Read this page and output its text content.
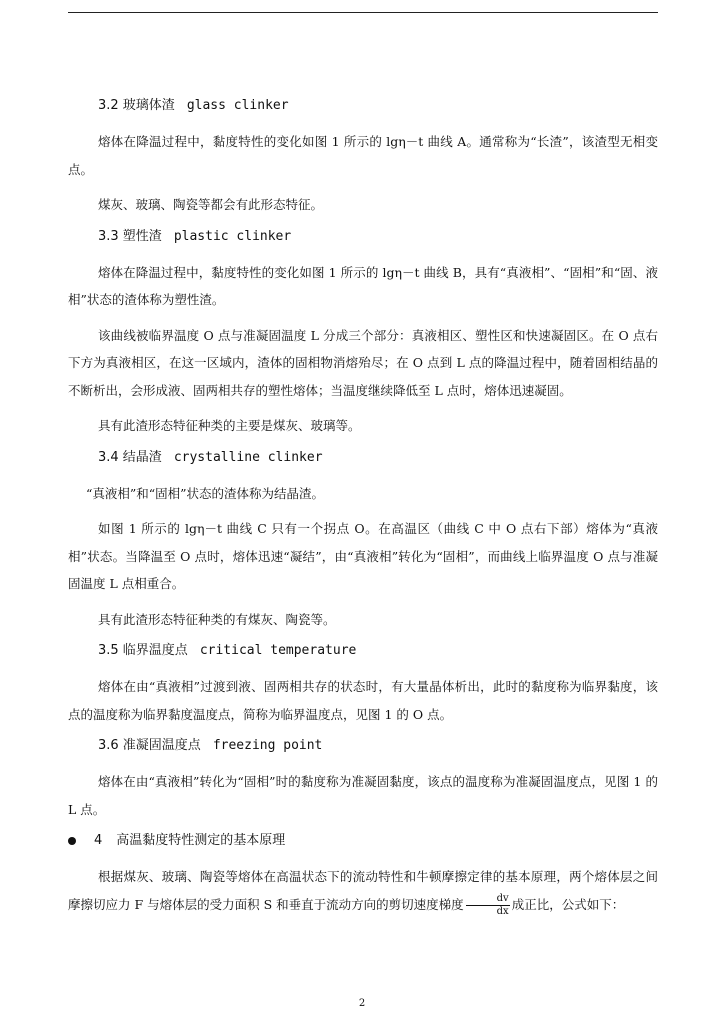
3.2 玻璃体渣 glass clinker

熔体在降温过程中，黏度特性的变化如图 1 所示的 lgη－t 曲线 A。通常称为“长渣”，该渣型无相变点。

煤灰、玻璃、陶瓷等都会有此形态特征。

3.3 塑性渣 plastic clinker

熔体在降温过程中，黏度特性的变化如图 1 所示的 lgη－t 曲线 B，具有“真液相”、“固相”和“固、液相”状态的渣体称为塑性渣。

该曲线被临界温度 O 点与准凝固温度 L 分成三个部分：真液相区、塑性区和快速凝固区。在 O 点右下方为真液相区，在这一区域内，渣体的固相物消熔殆尽；在 O 点到 L 点的降温过程中，随着固相结晶的不断析出，会形成液、固两相共存的塑性熔体；当温度继续降低至 L 点时，熔体迅速凝固。

具有此渣形态特征种类的主要是煤灰、玻璃等。

3.4 结晶渣 crystalline clinker

“真液相”和“固相”状态的渣体称为结晶渣。

如图 1 所示的 lgη－t 曲线 C 只有一个拐点 O。在高温区（曲线 C 中 O 点右下部）熔体为“真液相”状态。当降温至 O 点时，熔体迅速“凝结”，由“真液相”转化为“固相”，而曲线上临界温度 O 点与准凝固温度 L 点相重合。

具有此渣形态特征种类的有煤灰、陶瓷等。

3.5 临界温度点 critical temperature

熔体在由“真液相”过渡到液、固两相共存的状态时，有大量晶体析出，此时的黏度称为临界黏度，该点的温度称为临界黏度温度点，简称为临界温度点，见图 1 的 O 点。

3.6 准凝固温度点 freezing point

熔体在由“真液相”转化为“固相”时的黏度称为准凝固黏度，该点的温度称为准凝固温度点，见图 1 的 L 点。

4 高温黏度特性测定的基本原理

根据煤灰、玻璃、陶瓷等熔体在高温状态下的流动特性和牛顿摩擦定律的基本原理，两个熔体层之间摩擦切应力 F 与熔体层的受力面积 S 和垂直于流动方向的剪切速度梯度 $\frac{dv}{dx}$ 成正比，公式如下：

2
